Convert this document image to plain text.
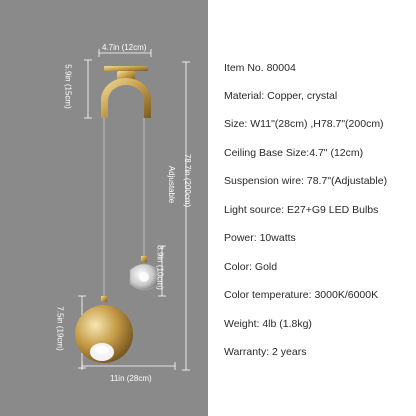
4.7in (12cm)
5.9in (15cm)
78.7in (200cm)
Adjustable
3.9in (10cm)
7.5in (19cm)
11in (28cm)
Item No. 80004
Material: Copper, crystal
Size: W11"(28cm) ,H78.7"(200cm)
Ceiling Base Size:4.7" (12cm)
Suspension wire: 78.7"(Adjustable)
Light source: E27+G9 LED Bulbs
Power: 10watts
Color: Gold
Color temperature: 3000K/6000K
Weight: 4lb (1.8kg)
Warranty: 2 years
